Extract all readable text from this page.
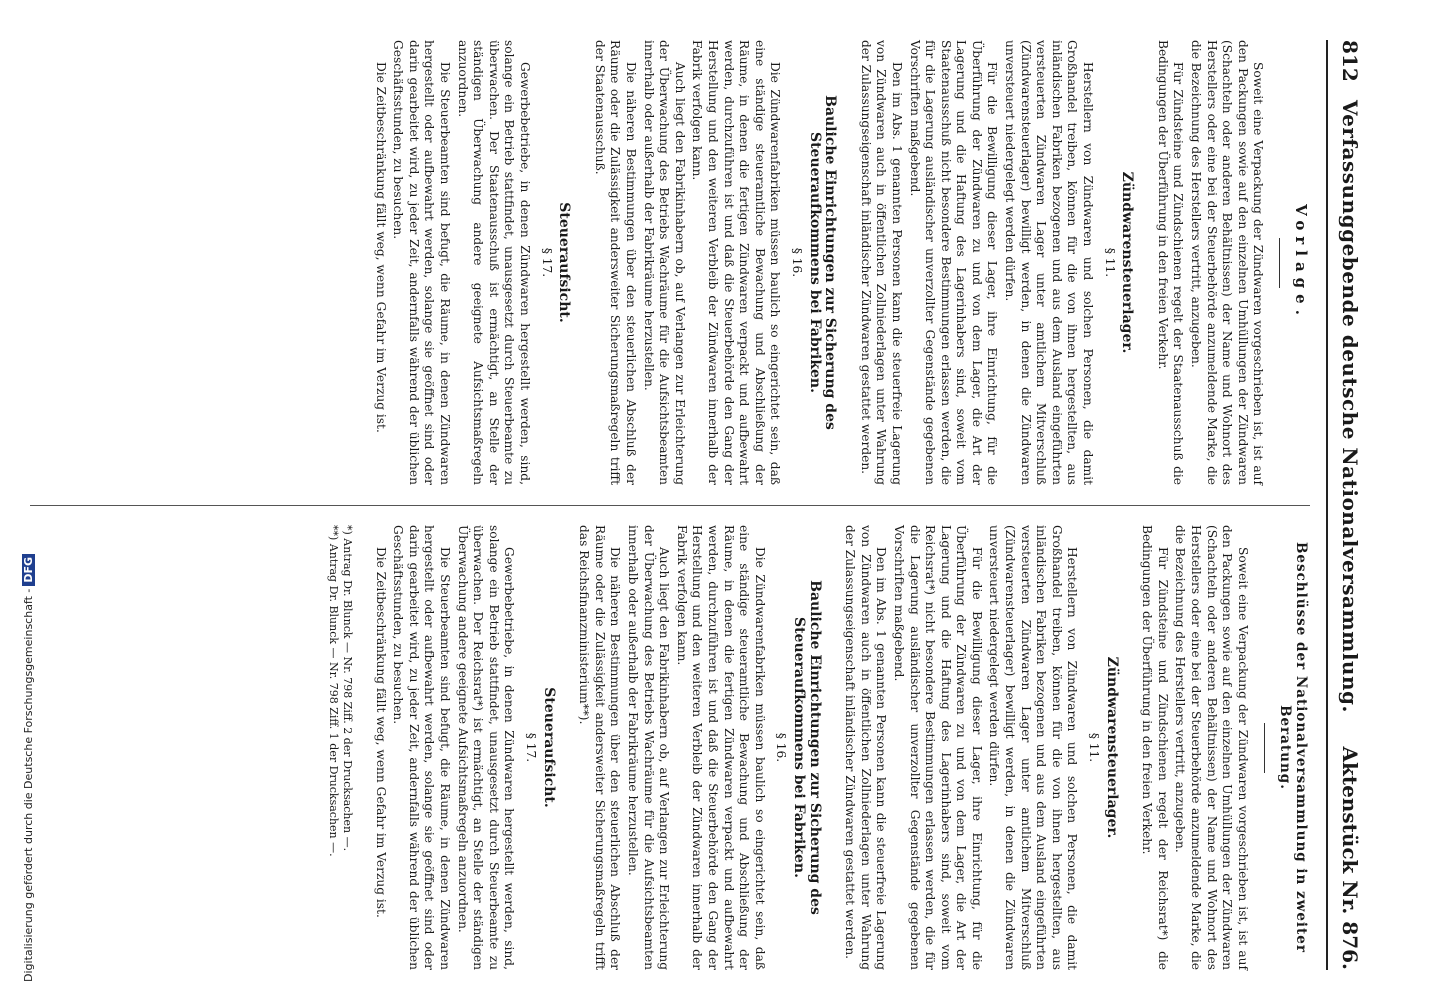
812
Verfassunggebende deutsche Nationalversammlung.
Aktenstück Nr. 876.
Vorlage.

Soweit eine Verpackung der Zündwaren vorgeschrieben ist, ist auf den Packungen sowie auf den einzelnen Umhüllungen der Zündwaren (Schachteln oder anderen Behältnissen) der Name und Wohnort des Herstellers oder eine bei der Steuerbehörde anzumeldende Marke, die die Bezeichnung des Herstellers vertritt, anzugeben.

Für Zündsteine und Zündschienen regelt der Staatenausschuß die Bedingungen der Überführung in den freien Verkehr.

Zündwarensteuerlager.
§ 11.

Herstellern von Zündwaren und solchen Personen, die damit Großhandel treiben, können für die von ihnen hergestellten, aus inländischen Fabriken bezogenen und aus dem Ausland eingeführten versteuerten Zündwaren Lager unter amtlichem Mitverschluß (Zündwarensteuerlager) bewilligt werden, in denen die Zündwaren unversteuert niedergelegt werden dürfen.

Für die Bewilligung dieser Lager, ihre Einrichtung, für die Überführung der Zündwaren zu und von dem Lager, die Art der Lagerung und die Haftung des Lagerinhabers sind, soweit vom Staatenausschuß nicht besondere Bestimmungen erlassen werden, die für die Lagerung ausländischer unverzollter Gegenstände gegebenen Vorschriften maßgebend.

Den im Abs. 1 genannten Personen kann die steuerfreie Lagerung von Zündwaren auch in öffentlichen Zollniederlagen unter Wahrung der Zulassungseigenschaft inländischer Zündwaren gestattet werden.

Bauliche Einrichtungen zur Sicherung des Steueraufkommens bei Fabriken.
§ 16.

Die Zündwarenfabriken müssen baulich so eingerichtet sein, daß eine ständige steueramtliche Bewachung und Abschließung der Räume, in denen die fertigen Zündwaren verpackt und aufbewahrt werden, durchzuführen ist und daß die Steuerbehörde den Gang der Herstellung und den weiteren Verbleib der Zündwaren innerhalb der Fabrik verfolgen kann.

Auch liegt den Fabrikinhabern ob, auf Verlangen zur Erleichterung der Überwachung des Betriebs Wachräume für die Aufsichtsbeamten innerhalb oder außerhalb der Fabrikräume herzustellen.

Die näheren Bestimmungen über den steuerlichen Abschluß der Räume oder die Zulässigkeit andersweiter Sicherungsmaßregeln trifft der Staatenausschuß.

Steueraufsicht.
§ 17.

Gewerbebetriebe, in denen Zündwaren hergestellt werden, sind, solange ein Betrieb stattfindet, unausgesetzt durch Steuerbeamte zu überwachen. Der Staatenausschuß ist ermächtigt, an Stelle der ständigen Überwachung andere geeignete Aufsichtsmaßregeln anzuordnen.

Die Steuerbeamten sind befugt, die Räume, in denen Zündwaren hergestellt oder aufbewahrt werden, solange sie geöffnet sind oder darin gearbeitet wird, zu jeder Zeit, andernfalls während der üblichen Geschäftsstunden, zu besuchen.

Die Zeitbeschränkung fällt weg, wenn Gefahr im Verzug ist.

Beschlüsse der Nationalversammlung in zweiter Beratung.

Soweit eine Verpackung der Zündwaren vorgeschrieben ist, ist auf den Packungen sowie auf den einzelnen Umhüllungen der Zündwaren (Schachteln oder anderen Behältnissen) der Name und Wohnort des Herstellers oder eine bei der Steuerbehörde anzumeldende Marke, die die Bezeichnung des Herstellers vertritt, anzugeben.

Für Zündsteine und Zündschienen regelt der Reichsrat*) die Bedingungen der Überführung in den freien Verkehr.

Zündwarensteuerlager.
§ 11.

Herstellern von Zündwaren und solchen Personen, die damit Großhandel treiben, können für die von ihnen hergestellten, aus inländischen Fabriken bezogenen und aus dem Ausland eingeführten versteuerten Zündwaren Lager unter amtlichem Mitverschluß (Zündwarensteuerlager) bewilligt werden, in denen die Zündwaren unversteuert niedergelegt werden dürfen.

Für die Bewilligung dieser Lager, ihre Einrichtung, für die Überführung der Zündwaren zu und von dem Lager, die Art der Lagerung und die Haftung des Lagerinhabers sind, soweit vom Reichsrat*) nicht besondere Bestimmungen erlassen werden, die für die Lagerung ausländischer unverzollter Gegenstände gegebenen Vorschriften maßgebend.

Den im Abs. 1 genannten Personen kann die steuerfreie Lagerung von Zündwaren auch in öffentlichen Zollniederlagen unter Wahrung der Zulassungseigenschaft inländischer Zündwaren gestattet werden.

Bauliche Einrichtungen zur Sicherung des Steueraufkommens bei Fabriken.
§ 16.

Die Zündwarenfabriken müssen baulich so eingerichtet sein, daß eine ständige steueramtliche Bewachung und Abschließung der Räume, in denen die fertigen Zündwaren verpackt und aufbewahrt werden, durchzuführen ist und daß die Steuerbehörde den Gang der Herstellung und den weiteren Verbleib der Zündwaren innerhalb der Fabrik verfolgen kann.

Auch liegt den Fabrikinhabern ob, auf Verlangen zur Erleichterung der Überwachung des Betriebs Wachräume für die Aufsichtsbeamten innerhalb oder außerhalb der Fabrikräume herzustellen.

Die näheren Bestimmungen über den steuerlichen Abschluß der Räume oder die Zulässigkeit andersweiter Sicherungsmaßregeln trifft das Reichsfinanzministerium**).

Steueraufsicht.
§ 17.

Gewerbebetriebe, in denen Zündwaren hergestellt werden, sind, solange ein Betrieb stattfindet, unausgesetzt durch Steuerbeamte zu überwachen. Der Reichsrat*) ist ermächtigt, an Stelle der ständigen Überwachung andere geeignete Aufsichtsmaßregeln anzuordnen.

Die Steuerbeamten sind befugt, die Räume, in denen Zündwaren hergestellt oder aufbewahrt werden, solange sie geöffnet sind oder darin gearbeitet wird, zu jeder Zeit, andernfalls während der üblichen Geschäftsstunden, zu besuchen.

Die Zeitbeschränkung fällt weg, wenn Gefahr im Verzug ist.

*) Antrag Dr. Blunck — Nr. 798 Ziff. 2 der Drucksachen —.
**) Antrag Dr. Blunck — Nr. 798 Ziff. 1 der Drucksachen —.
Digitalisierung gefördert durch die Deutsche Forschungsgemeinschaft -DFG
